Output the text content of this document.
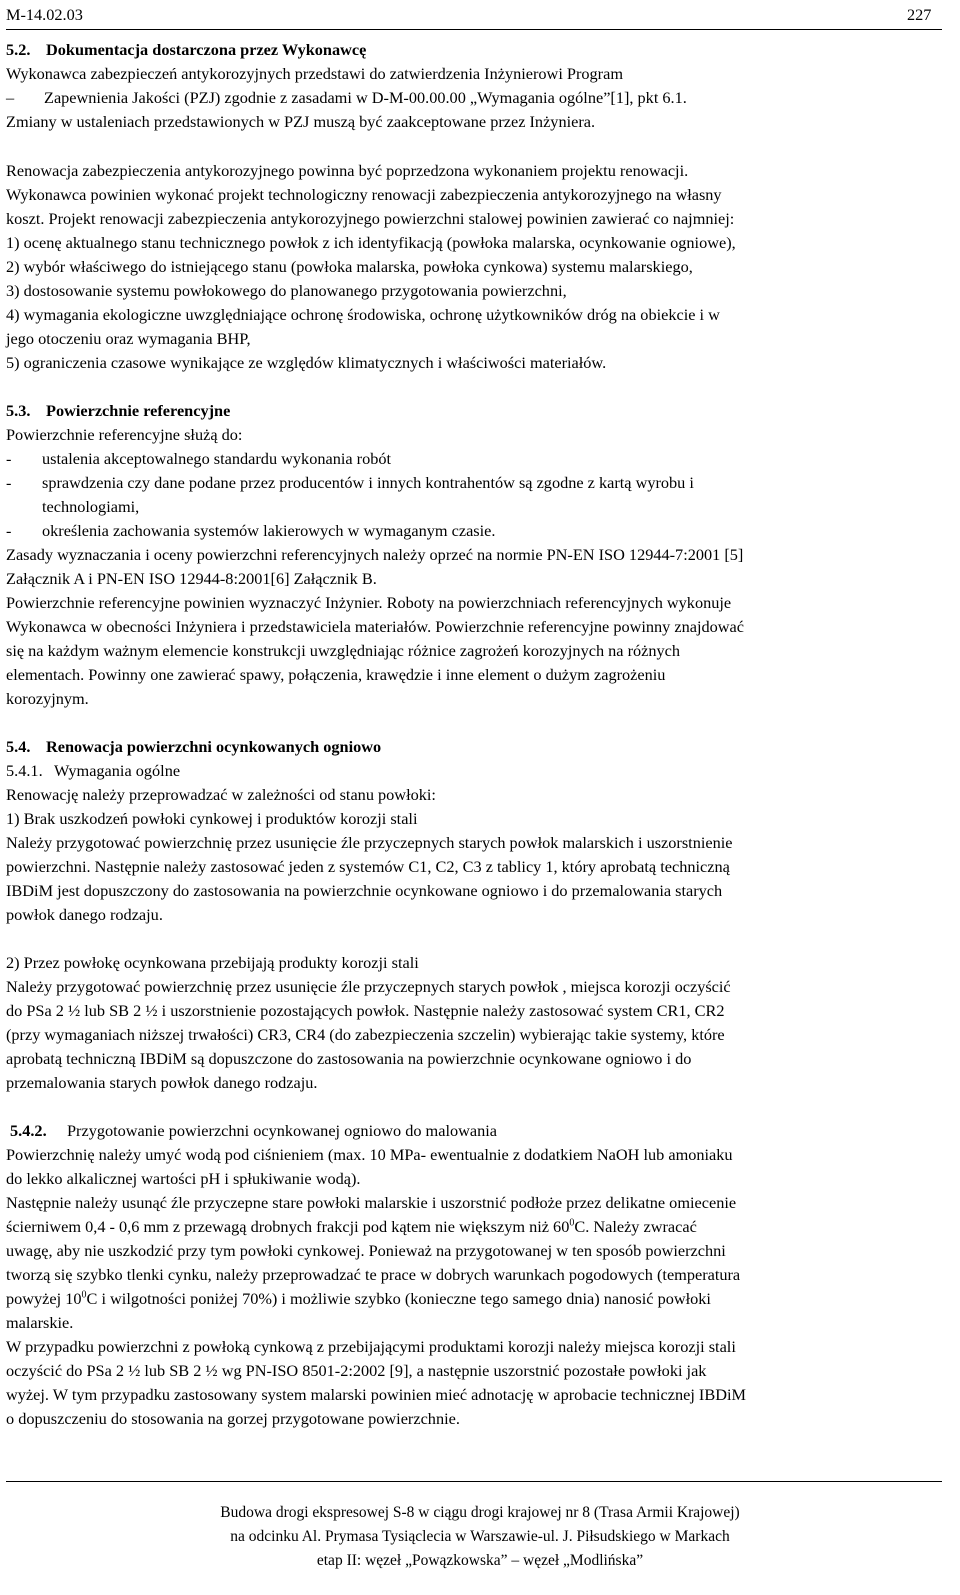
M-14.02.03	227
5.2. Dokumentacja dostarczona przez Wykonawcę
Wykonawca zabezpieczeń antykorozyjnych przedstawi do zatwierdzenia Inżynierowi Program
– Zapewnienia Jakości (PZJ) zgodnie z zasadami w D-M-00.00.00 „Wymagania ogólne”[1], pkt 6.1.
Zmiany w ustaleniach przedstawionych w PZJ muszą być zaakceptowane przez Inżyniera.
Renowacja zabezpieczenia antykorozyjnego powinna być poprzedzona wykonaniem projektu renowacji.
Wykonawca powinien wykonać projekt technologiczny renowacji zabezpieczenia antykorozyjnego na własny
koszt. Projekt renowacji zabezpieczenia antykorozyjnego powierzchni stalowej powinien zawierać co najmniej:
1) ocenę aktualnego stanu technicznego powłok z ich identyfikacją (powłoka malarska, ocynkowanie ogniowe),
2) wybór właściwego do istniejącego stanu (powłoka malarska, powłoka cynkowa) systemu malarskiego,
3) dostosowanie systemu powłokowego do planowanego przygotowania powierzchni,
4) wymagania ekologiczne uwzględniające ochronę środowiska, ochronę użytkowników dróg na obiekcie i w
jego otoczeniu oraz wymagania BHP,
5) ograniczenia czasowe wynikające ze względów klimatycznych i właściwości materiałów.
5.3. Powierzchnie referencyjne
Powierzchnie referencyjne służą do:
- ustalenia akceptowalnego standardu wykonania robót
- sprawdzenia czy dane podane przez producentów i innych kontrahentów są zgodne z kartą wyrobu i
technologiami,
- określenia zachowania systemów lakierowych w wymaganym czasie.
Zasady wyznaczania i oceny powierzchni referencyjnych należy oprzeć na normie PN-EN ISO 12944-7:2001 [5]
Załącznik A i PN-EN ISO 12944-8:2001[6] Załącznik B.
Powierzchnie referencyjne powinien wyznaczyć Inżynier. Roboty na powierzchniach referencyjnych wykonuje
Wykonawca w obecności Inżyniera i przedstawiciela materiałów. Powierzchnie referencyjne powinny znajdować
się na każdym ważnym elemencie konstrukcji uwzględniając różnice zagrożeń korozyjnych na różnych
elementach. Powinny one zawierać spawy, połączenia, krawędzie i inne element o dużym zagrożeniu
korozyjnym.
5.4. Renowacja powierzchni ocynkowanych ogniowo
5.4.1. Wymagania ogólne
Renowację należy przeprowadzać w zależności od stanu powłoki:
1) Brak uszkodzeń powłoki cynkowej i produktów korozji stali
Należy przygotować powierzchnię przez usunięcie źle przyczepnych starych powłok malarskich i uszorstnienie
powierzchni. Następnie należy zastosować jeden z systemów C1, C2, C3 z tablicy 1, który aprobatą techniczną
IBDiM jest dopuszczony do zastosowania na powierzchnie ocynkowane ogniowo i do przemalowania starych
powłok danego rodzaju.
2) Przez powłokę ocynkowana przebijają produkty korozji stali
Należy przygotować powierzchnię przez usunięcie źle przyczepnych starych powłok , miejsca korozji oczyścić
do PSa 2 ½ lub SB 2 ½ i uszorstnienie pozostających powłok. Następnie należy zastosować system CR1, CR2
(przy wymaganiach niższej trwałości) CR3, CR4 (do zabezpieczenia szczelin) wybierając takie systemy, które
aprobatą techniczną IBDiM są dopuszczone do zastosowania na powierzchnie ocynkowane ogniowo i do
przemalowania starych powłok danego rodzaju.
5.4.2. Przygotowanie powierzchni ocynkowanej ogniowo do malowania
Powierzchnię należy umyć wodą pod ciśnieniem (max. 10 MPa- ewentualnie z dodatkiem NaOH lub amoniaku
do lekko alkalicznej wartości pH i spłukiwanie wodą).
Następnie należy usunąć źle przyczepne stare powłoki malarskie i uszorstnić podłoże przez delikatne omiecenie
ścierniwem 0,4 - 0,6 mm z przewagą drobnych frakcji pod kątem nie większym niż $60^0C$. Należy zwracać
uwagę, aby nie uszkodzić przy tym powłoki cynkowej. Ponieważ na przygotowanej w ten sposób powierzchni
tworzą się szybko tlenki cynku, należy przeprowadzać te prace w dobrych warunkach pogodowych (temperatura
powyżej $10^0C$ i wilgotności poniżej 70%) i możliwie szybko (konieczne tego samego dnia) nanosić powłoki
malarskie.
W przypadku powierzchni z powłoką cynkową z przebijającymi produktami korozji należy miejsca korozji stali
oczyścić do PSa 2 ½ lub SB 2 ½ wg PN-ISO 8501-2:2002 [9], a następnie uszorstnić pozostałe powłoki jak
wyżej. W tym przypadku zastosowany system malarski powinien mieć adnotację w aprobacie technicznej IBDiM
o dopuszczeniu do stosowania na gorzej przygotowane powierzchnie.
Budowa drogi ekspresowej S-8 w ciągu drogi krajowej nr 8 (Trasa Armii Krajowej)
na odcinku Al. Prymasa Tysiąclecia w Warszawie-ul. J. Piłsudskiego w Markach
etap II: węzeł „Powązkowska” – węzeł „Modlińska”
